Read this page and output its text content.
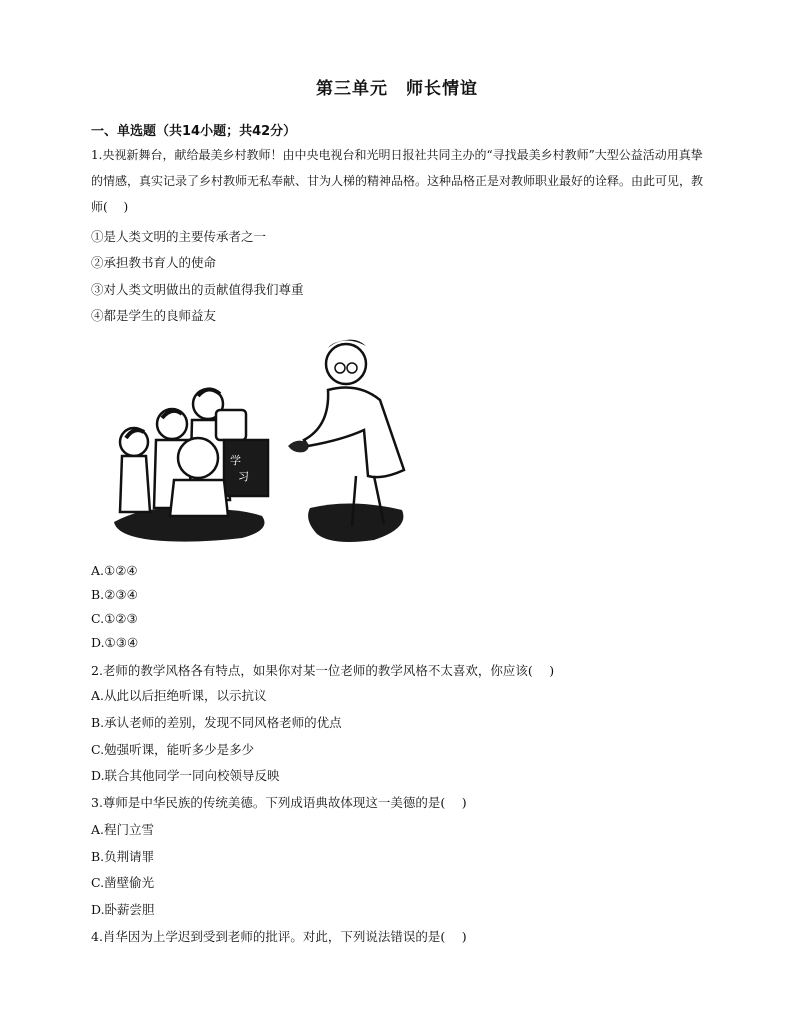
第三单元　师长情谊
一、单选题（共14小题；共42分）

1.央视新舞台，献给最美乡村教师！由中央电视台和光明日报社共同主办的“寻找最美乡村教师”大型公益活动用真挚的情感，真实记录了乡村教师无私奉献、甘为人梯的精神品格。这种品格正是对教师职业最好的诠释。由此可见，教师(　 )

①是人类文明的主要传承者之一
②承担教书育人的使命
③对人类文明做出的贡献值得我们尊重
④都是学生的良师益友
学
习
A.①②④
B.②③④
C.①②③
D.①③④
2.老师的教学风格各有特点，如果你对某一位老师的教学风格不太喜欢，你应该(　 )
A.从此以后拒绝听课，以示抗议
B.承认老师的差别，发现不同风格老师的优点
C.勉强听课，能听多少是多少
D.联合其他同学一同向校领导反映
3.尊师是中华民族的传统美德。下列成语典故体现这一美德的是(　 )
A.程门立雪
B.负荆请罪
C.凿壁偷光
D.卧薪尝胆
4.肖华因为上学迟到受到老师的批评。对此，下列说法错误的是(　 )
